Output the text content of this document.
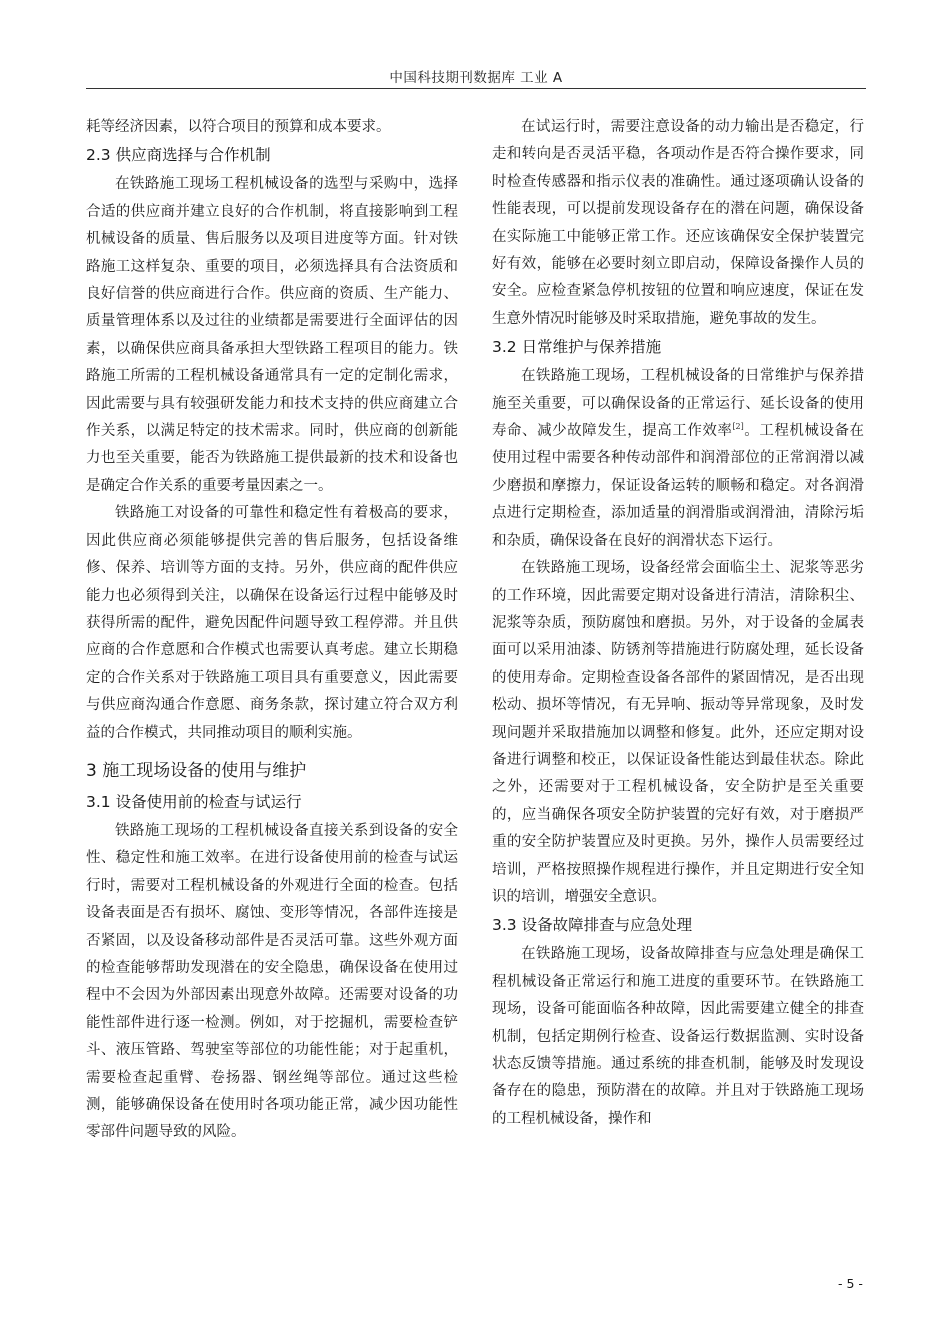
中国科技期刊数据库 工业 A

耗等经济因素，以符合项目的预算和成本要求。

2.3 供应商选择与合作机制

在铁路施工现场工程机械设备的选型与采购中，选择合适的供应商并建立良好的合作机制，将直接影响到工程机械设备的质量、售后服务以及项目进度等方面。针对铁路施工这样复杂、重要的项目，必须选择具有合法资质和良好信誉的供应商进行合作。供应商的资质、生产能力、质量管理体系以及过往的业绩都是需要进行全面评估的因素，以确保供应商具备承担大型铁路工程项目的能力。铁路施工所需的工程机械设备通常具有一定的定制化需求，因此需要与具有较强研发能力和技术支持的供应商建立合作关系，以满足特定的技术需求。同时，供应商的创新能力也至关重要，能否为铁路施工提供最新的技术和设备也是确定合作关系的重要考量因素之一。

铁路施工对设备的可靠性和稳定性有着极高的要求，因此供应商必须能够提供完善的售后服务，包括设备维修、保养、培训等方面的支持。另外，供应商的配件供应能力也必须得到关注，以确保在设备运行过程中能够及时获得所需的配件，避免因配件问题导致工程停滞。并且供应商的合作意愿和合作模式也需要认真考虑。建立长期稳定的合作关系对于铁路施工项目具有重要意义，因此需要与供应商沟通合作意愿、商务条款，探讨建立符合双方利益的合作模式，共同推动项目的顺利实施。

3 施工现场设备的使用与维护
3.1 设备使用前的检查与试运行

铁路施工现场的工程机械设备直接关系到设备的安全性、稳定性和施工效率。在进行设备使用前的检查与试运行时，需要对工程机械设备的外观进行全面的检查。包括设备表面是否有损坏、腐蚀、变形等情况，各部件连接是否紧固，以及设备移动部件是否灵活可靠。这些外观方面的检查能够帮助发现潜在的安全隐患，确保设备在使用过程中不会因为外部因素出现意外故障。还需要对设备的功能性部件进行逐一检测。例如，对于挖掘机，需要检查铲斗、液压管路、驾驶室等部位的功能性能；对于起重机，需要检查起重臂、卷扬器、钢丝绳等部位。通过这些检测，能够确保设备在使用时各项功能正常，减少因功能性零部件问题导致的风险。

在试运行时，需要注意设备的动力输出是否稳定，行走和转向是否灵活平稳，各项动作是否符合操作要求，同时检查传感器和指示仪表的准确性。通过逐项确认设备的性能表现，可以提前发现设备存在的潜在问题，确保设备在实际施工中能够正常工作。还应该确保安全保护装置完好有效，能够在必要时刻立即启动，保障设备操作人员的安全。应检查紧急停机按钮的位置和响应速度，保证在发生意外情况时能够及时采取措施，避免事故的发生。

3.2 日常维护与保养措施

在铁路施工现场，工程机械设备的日常维护与保养措施至关重要，可以确保设备的正常运行、延长设备的使用寿命、减少故障发生，提高工作效率[2]。工程机械设备在使用过程中需要各种传动部件和润滑部位的正常润滑以减少磨损和摩擦力，保证设备运转的顺畅和稳定。对各润滑点进行定期检查，添加适量的润滑脂或润滑油，清除污垢和杂质，确保设备在良好的润滑状态下运行。

在铁路施工现场，设备经常会面临尘土、泥浆等恶劣的工作环境，因此需要定期对设备进行清洁，清除积尘、泥浆等杂质，预防腐蚀和磨损。另外，对于设备的金属表面可以采用油漆、防锈剂等措施进行防腐处理，延长设备的使用寿命。定期检查设备各部件的紧固情况，是否出现松动、损坏等情况，有无异响、振动等异常现象，及时发现问题并采取措施加以调整和修复。此外，还应定期对设备进行调整和校正，以保证设备性能达到最佳状态。除此之外，还需要对于工程机械设备，安全防护是至关重要的，应当确保各项安全防护装置的完好有效，对于磨损严重的安全防护装置应及时更换。另外，操作人员需要经过培训，严格按照操作规程进行操作，并且定期进行安全知识的培训，增强安全意识。

3.3 设备故障排查与应急处理

在铁路施工现场，设备故障排查与应急处理是确保工程机械设备正常运行和施工进度的重要环节。在铁路施工现场，设备可能面临各种故障，因此需要建立健全的排查机制，包括定期例行检查、设备运行数据监测、实时设备状态反馈等措施。通过系统的排查机制，能够及时发现设备存在的隐患，预防潜在的故障。并且对于铁路施工现场的工程机械设备，操作和

- 5 -
